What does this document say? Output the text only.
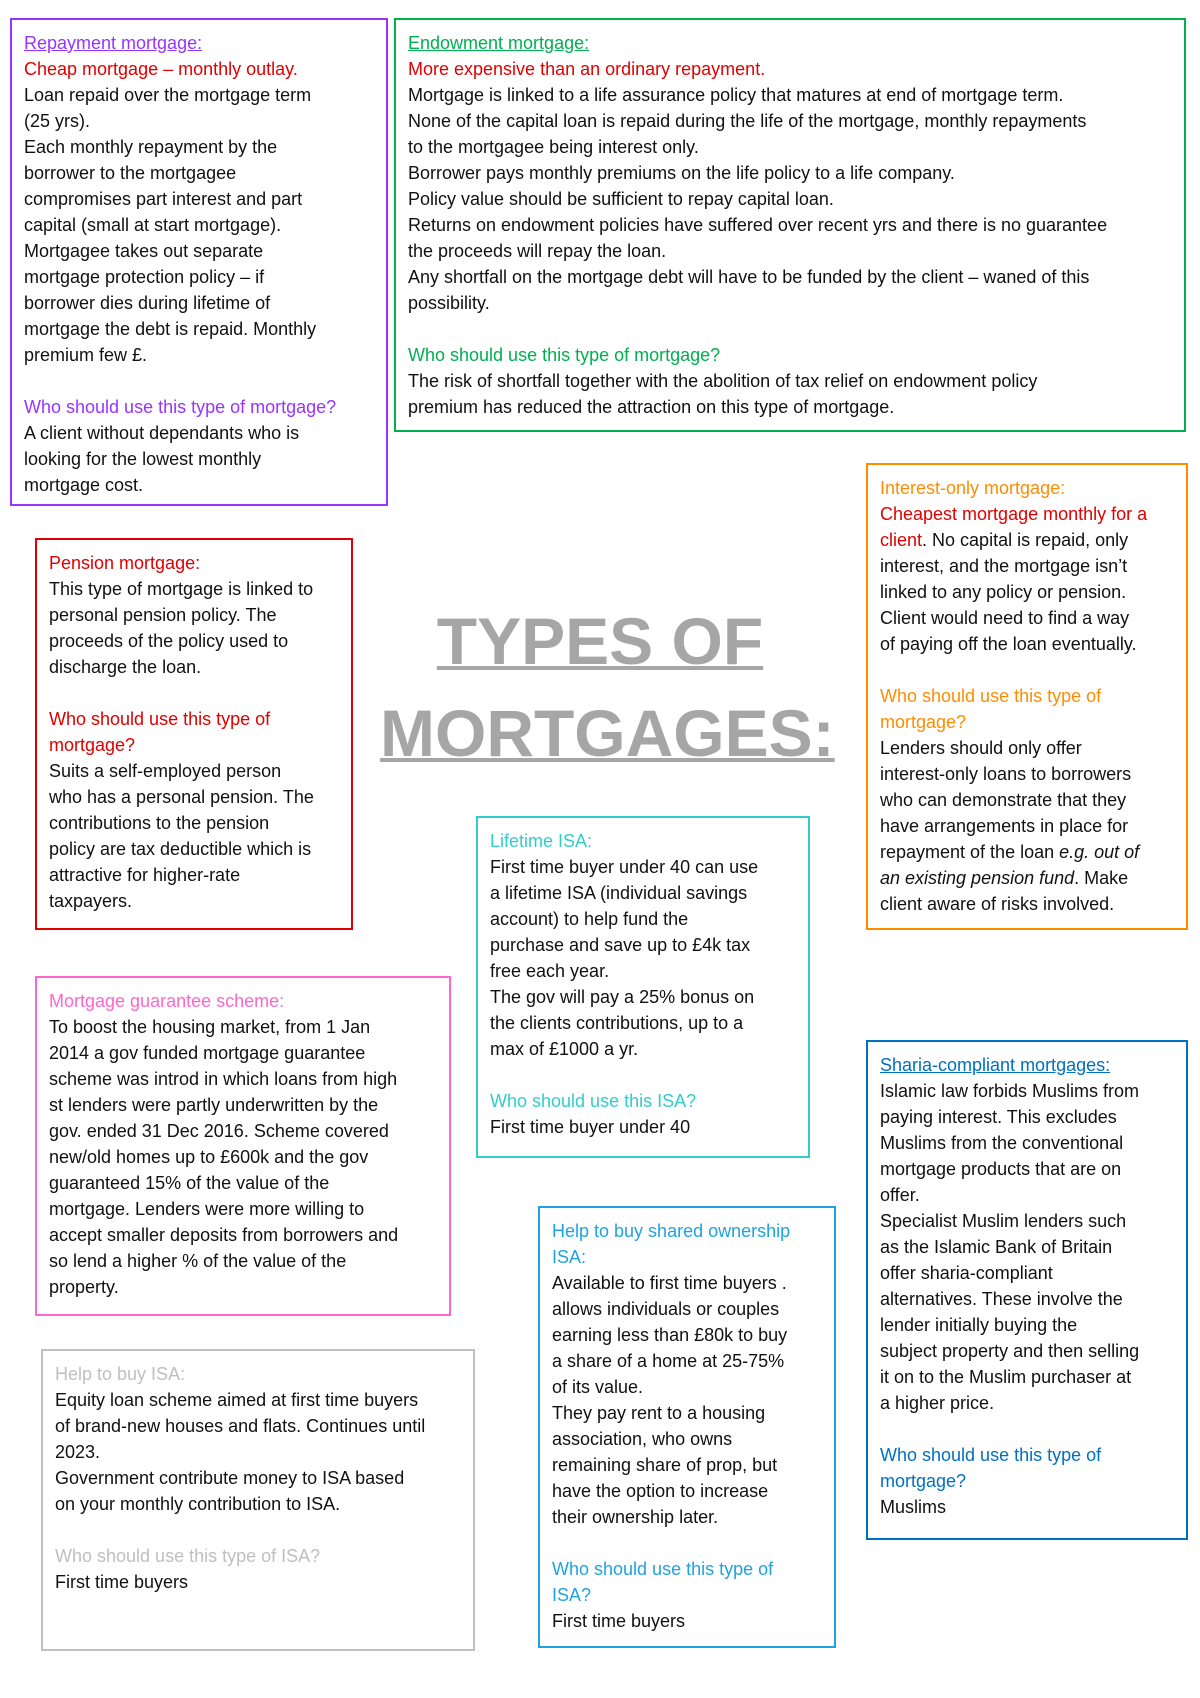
Repayment mortgage:
Cheap mortgage – monthly outlay.
Loan repaid over the mortgage term
(25 yrs).
Each monthly repayment by the
borrower to the mortgagee
compromises part interest and part
capital (small at start mortgage).
Mortgagee takes out separate
mortgage protection policy – if
borrower dies during lifetime of
mortgage the debt is repaid. Monthly
premium few £.
Who should use this type of mortgage?
A client without dependants who is
looking for the lowest monthly
mortgage cost.
Endowment mortgage:
More expensive than an ordinary repayment.
Mortgage is linked to a life assurance policy that matures at end of mortgage term.
None of the capital loan is repaid during the life of the mortgage, monthly repayments
to the mortgagee being interest only.
Borrower pays monthly premiums on the life policy to a life company.
Policy value should be sufficient to repay capital loan.
Returns on endowment policies have suffered over recent yrs and there is no guarantee
the proceeds will repay the loan.
Any shortfall on the mortgage debt will have to be funded by the client – waned of this
possibility.
Who should use this type of mortgage?
The risk of shortfall together with the abolition of tax relief on endowment policy
premium has reduced the attraction on this type of mortgage.
Interest-only mortgage:
Cheapest mortgage monthly for a
client. No capital is repaid, only
interest, and the mortgage isn’t
linked to any policy or pension.
Client would need to find a way
of paying off the loan eventually.
Who should use this type of
mortgage?
Lenders should only offer
interest-only loans to borrowers
who can demonstrate that they
have arrangements in place for
repayment of the loan e.g. out of
an existing pension fund. Make
client aware of risks involved.
Pension mortgage:
This type of mortgage is linked to
personal pension policy. The
proceeds of the policy used to
discharge the loan.
Who should use this type of
mortgage?
Suits a self-employed person
who has a personal pension. The
contributions to the pension
policy are tax deductible which is
attractive for higher-rate
taxpayers.
TYPES OF
MORTGAGES:
Lifetime ISA:
First time buyer under 40 can use
a lifetime ISA (individual savings
account) to help fund the
purchase and save up to £4k tax
free each year.
The gov will pay a 25% bonus on
the clients contributions, up to a
max of £1000 a yr.
Who should use this ISA?
First time buyer under 40
Mortgage guarantee scheme:
To boost the housing market, from 1 Jan
2014 a gov funded mortgage guarantee
scheme was introd in which loans from high
st lenders were partly underwritten by the
gov. ended 31 Dec 2016. Scheme covered
new/old homes up to £600k and the gov
guaranteed 15% of the value of the
mortgage. Lenders were more willing to
accept smaller deposits from borrowers and
so lend a higher % of the value of the
property.
Sharia-compliant mortgages:
Islamic law forbids Muslims from
paying interest. This excludes
Muslims from the conventional
mortgage products that are on
offer.
Specialist Muslim lenders such
as the Islamic Bank of Britain
offer sharia-compliant
alternatives. These involve the
lender initially buying the
subject property and then selling
it on to the Muslim purchaser at
a higher price.
Who should use this type of
mortgage?
Muslims
Help to buy shared ownership
ISA:
Available to first time buyers .
allows individuals or couples
earning less than £80k to buy
a share of a home at 25-75%
of its value.
They pay rent to a housing
association, who owns
remaining share of prop, but
have the option to increase
their ownership later.
Who should use this type of
ISA?
First time buyers
Help to buy ISA:
Equity loan scheme aimed at first time buyers
of brand-new houses and flats. Continues until
2023.
Government contribute money to ISA based
on your monthly contribution to ISA.
Who should use this type of ISA?
First time buyers
